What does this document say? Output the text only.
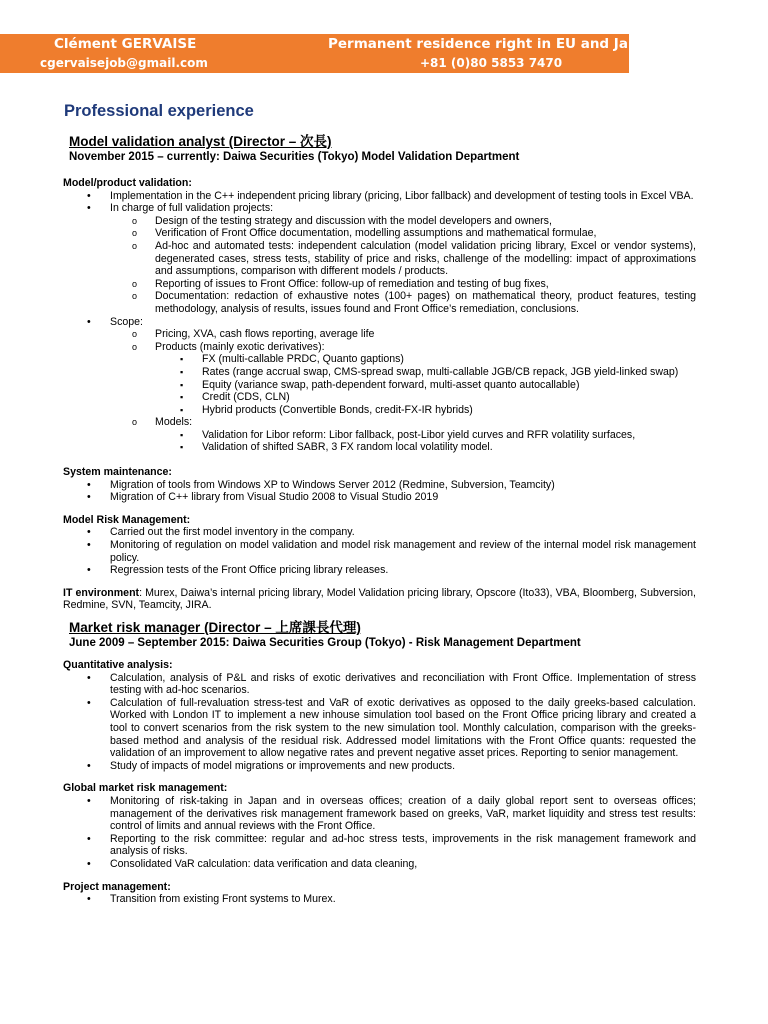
Clément GERVAISE
cgervaisejob@gmail.com
Permanent residence right in EU and Japan
+81 (0)80 5853 7470
Professional experience
Model validation analyst (Director – 次長)
November 2015 – currently: Daiwa Securities (Tokyo) Model Validation Department
Model/product validation:
• Implementation in the C++ independent pricing library (pricing, Libor fallback) and development of testing tools in Excel VBA.
• In charge of full validation projects:
o Design of the testing strategy and discussion with the model developers and owners,
o Verification of Front Office documentation, modelling assumptions and mathematical formulae,
o Ad-hoc and automated tests: independent calculation (model validation pricing library, Excel or vendor systems), degenerated cases, stress tests, stability of price and risks, challenge of the modelling: impact of approximations and assumptions, comparison with different models / products.
o Reporting of issues to Front Office: follow-up of remediation and testing of bug fixes,
o Documentation: redaction of exhaustive notes (100+ pages) on mathematical theory, product features, testing methodology, analysis of results, issues found and Front Office’s remediation, conclusions.
• Scope:
o Pricing, XVA, cash flows reporting, average life
o Products (mainly exotic derivatives):
▪ FX (multi-callable PRDC, Quanto gaptions)
▪ Rates (range accrual swap, CMS-spread swap, multi-callable JGB/CB repack, JGB yield-linked swap)
▪ Equity (variance swap, path-dependent forward, multi-asset quanto autocallable)
▪ Credit (CDS, CLN)
▪ Hybrid products (Convertible Bonds, credit-FX-IR hybrids)
o Models:
▪ Validation for Libor reform: Libor fallback, post-Libor yield curves and RFR volatility surfaces,
▪ Validation of shifted SABR, 3 FX random local volatility model.
System maintenance:
• Migration of tools from Windows XP to Windows Server 2012 (Redmine, Subversion, Teamcity)
• Migration of C++ library from Visual Studio 2008 to Visual Studio 2019
Model Risk Management:
• Carried out the first model inventory in the company.
• Monitoring of regulation on model validation and model risk management and review of the internal model risk management policy.
• Regression tests of the Front Office pricing library releases.
IT environment: Murex, Daiwa’s internal pricing library, Model Validation pricing library, Opscore (Ito33), VBA, Bloomberg, Subversion, Redmine, SVN, Teamcity, JIRA.
Market risk manager (Director – 上席課長代理)
June 2009 – September 2015: Daiwa Securities Group (Tokyo) - Risk Management Department
Quantitative analysis:
• Calculation, analysis of P&L and risks of exotic derivatives and reconciliation with Front Office. Implementation of stress testing with ad-hoc scenarios.
• Calculation of full-revaluation stress-test and VaR of exotic derivatives as opposed to the daily greeks-based calculation. Worked with London IT to implement a new inhouse simulation tool based on the Front Office pricing library and created a tool to convert scenarios from the risk system to the new simulation tool. Monthly calculation, comparison with the greeks-based method and analysis of the residual risk. Addressed model limitations with the Front Office quants: requested the validation of an improvement to allow negative rates and prevent negative asset prices. Reporting to senior management.
• Study of impacts of model migrations or improvements and new products.
Global market risk management:
• Monitoring of risk-taking in Japan and in overseas offices; creation of a daily global report sent to overseas offices; management of the derivatives risk management framework based on greeks, VaR, market liquidity and stress test results: control of limits and annual reviews with the Front Office.
• Reporting to the risk committee: regular and ad-hoc stress tests, improvements in the risk management framework and analysis of risks.
• Consolidated VaR calculation: data verification and data cleaning,
Project management:
• Transition from existing Front systems to Murex.
